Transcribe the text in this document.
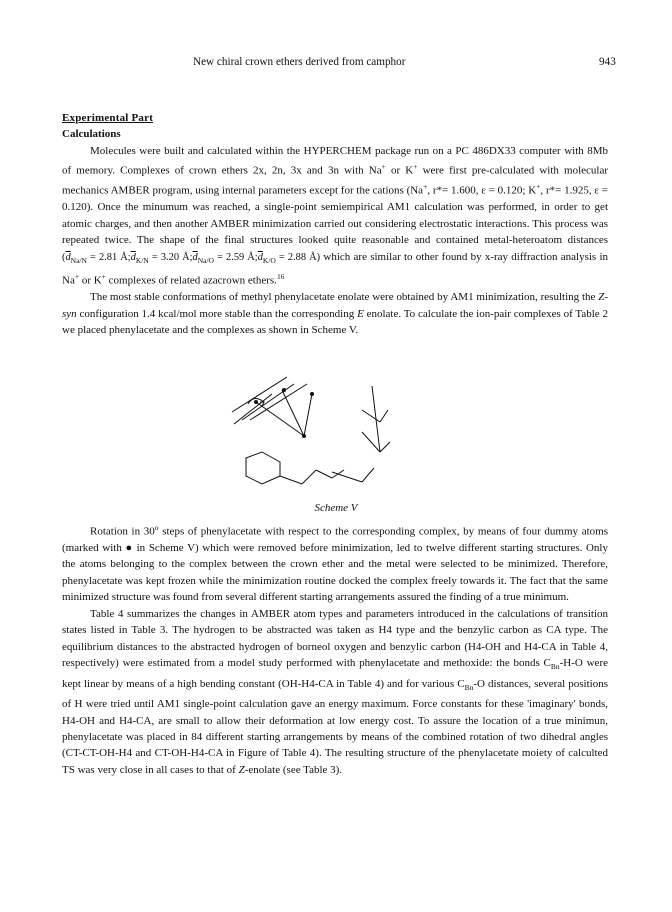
New chiral crown ethers derived from camphor	943
Experimental Part
Calculations

Molecules were built and calculated within the HYPERCHEM package run on a PC 486DX33 computer with 8Mb of memory. Complexes of crown ethers 2x, 2n, 3x and 3n with Na+ or K+ were first pre-calculated with molecular mechanics AMBER program, using internal parameters except for the cations (Na+, r*= 1.600, ε = 0.120; K+, r*= 1.925, ε = 0.120). Once the minumum was reached, a single-point semiempirical AM1 calculation was performed, in order to get atomic charges, and then another AMBER minimization carried out considering electrostatic interactions. This process was repeated twice. The shape of the final structures looked quite reasonable and contained metal-heteroatom distances ($\overline{d}_{Na/N} = 2.81$ $Å;\overline{d}_{K/N} = 3.20$ $Å;\overline{d}_{Na/O} = 2.59$ $Å;\overline{d}_{K/O} = 2.88$ Å) which are similar to other found by x-ray diffraction analysis in Na+ or K+ complexes of related azacrown ethers.$^{16}$

The most stable conformations of methyl phenylacetate enolate were obtained by AM1 minimization, resulting the Z-syn configuration 1.4 kcal/mol more stable than the corresponding E enolate. To calculate the ion-pair complexes of Table 2 we placed phenylacetate and the complexes as shown in Scheme V.

Scheme V

Rotation in 30$^o$ steps of phenylacetate with respect to the corresponding complex, by means of four dummy atoms (marked with ● in Scheme V) which were removed before minimization, led to twelve different starting structures. Only the atoms belonging to the complex between the crown ether and the metal were selected to be minimized. Therefore, phenylacetate was kept frozen while the minimization routine docked the complex freely towards it. The fact that the same minimized structure was found from several different starting arrangements assured the finding of a true minimum.

Table 4 summarizes the changes in AMBER atom types and parameters introduced in the calculations of transition states listed in Table 3. The hydrogen to be abstracted was taken as H4 type and the benzylic carbon as CA type. The equilibrium distances to the abstracted hydrogen of borneol oxygen and benzylic carbon (H4-OH and H4-CA in Table 4, respectively) were estimated from a model study performed with phenylacetate and methoxide: the bonds $C_{Bn}-H-O$ were kept linear by means of a high bending constant (OH-H4-CA in Table 4) and for various $C_{Bn}-O$ distances, several positions of H were tried until AM1 single-point calculation gave an energy maximum. Force constants for these 'imaginary' bonds, H4-OH and H4-CA, are small to allow their deformation at low energy cost. To assure the location of a true minimun, phenylacetate was placed in 84 different starting arrangements by means of the combined rotation of two dihedral angles (CT-CT-OH-H4 and CT-OH-H4-CA in Figure of Table 4). The resulting structure of the phenylacetate moiety of calculted TS was very close in all cases to that of Z-enolate (see Table 3).
